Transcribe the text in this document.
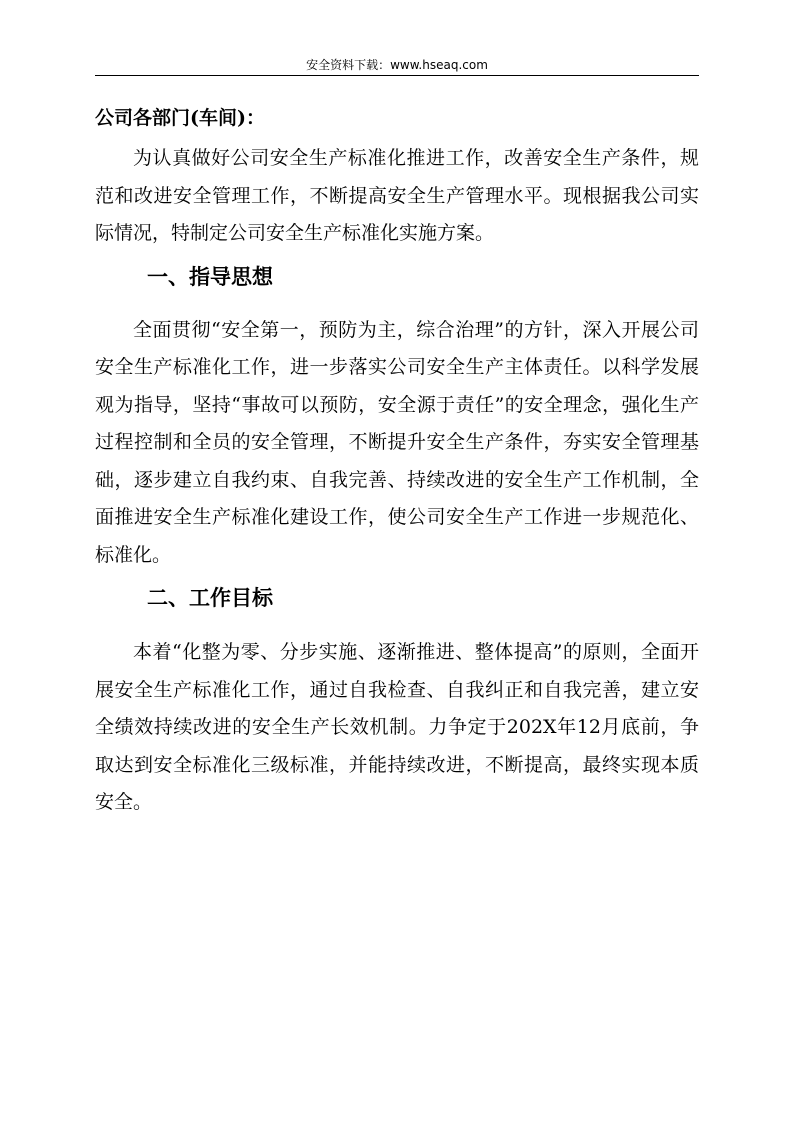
安全资料下载：www.hseaq.com

公司各部门(车间)：

为认真做好公司安全生产标准化推进工作，改善安全生产条件，规范和改进安全管理工作，不断提高安全生产管理水平。现根据我公司实际情况，特制定公司安全生产标准化实施方案。

一、指导思想

全面贯彻“安全第一，预防为主，综合治理”的方针，深入开展公司安全生产标准化工作，进一步落实公司安全生产主体责任。以科学发展观为指导，坚持“事故可以预防，安全源于责任”的安全理念，强化生产过程控制和全员的安全管理，不断提升安全生产条件，夯实安全管理基础，逐步建立自我约束、自我完善、持续改进的安全生产工作机制，全面推进安全生产标准化建设工作，使公司安全生产工作进一步规范化、标准化。

二、工作目标

本着“化整为零、分步实施、逐渐推进、整体提高”的原则，全面开展安全生产标准化工作，通过自我检查、自我纠正和自我完善，建立安全绩效持续改进的安全生产长效机制。力争定于202X年12月底前，争取达到安全标准化三级标准，并能持续改进，不断提高，最终实现本质安全。
